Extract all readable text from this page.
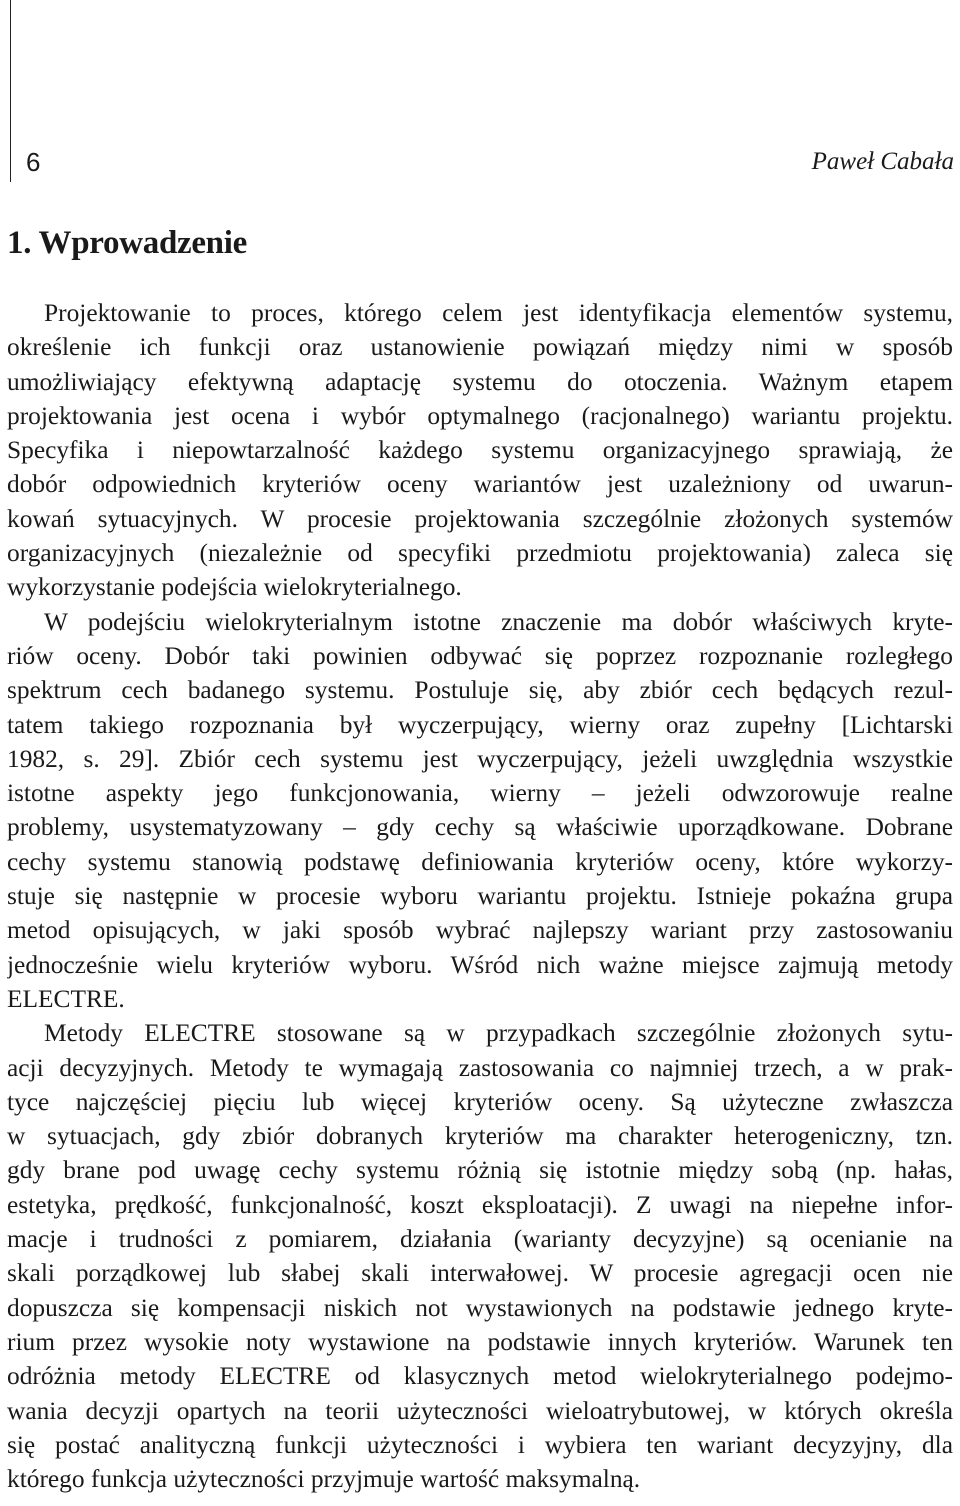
6	Paweł Cabała
1. Wprowadzenie
Projektowanie to proces, którego celem jest identyfikacja elementów systemu,
określenie ich funkcji oraz ustanowienie powiązań między nimi w sposób
umożliwiający efektywną adaptację systemu do otoczenia. Ważnym etapem
projektowania jest ocena i wybór optymalnego (racjonalnego) wariantu projektu.
Specyfika i niepowtarzalność każdego systemu organizacyjnego sprawiają, że
dobór odpowiednich kryteriów oceny wariantów jest uzależniony od uwarun-
kowań sytuacyjnych. W procesie projektowania szczególnie złożonych systemów
organizacyjnych (niezależnie od specyfiki przedmiotu projektowania) zaleca się
wykorzystanie podejścia wielokryterialnego.
W podejściu wielokryterialnym istotne znaczenie ma dobór właściwych kryte-
riów oceny. Dobór taki powinien odbywać się poprzez rozpoznanie rozległego
spektrum cech badanego systemu. Postuluje się, aby zbiór cech będących rezul-
tatem takiego rozpoznania był wyczerpujący, wierny oraz zupełny [Lichtarski
1982, s. 29]. Zbiór cech systemu jest wyczerpujący, jeżeli uwzględnia wszystkie
istotne aspekty jego funkcjonowania, wierny – jeżeli odwzorowuje realne
problemy, usystematyzowany – gdy cechy są właściwie uporządkowane. Dobrane
cechy systemu stanowią podstawę definiowania kryteriów oceny, które wykorzy-
stuje się następnie w procesie wyboru wariantu projektu. Istnieje pokaźna grupa
metod opisujących, w jaki sposób wybrać najlepszy wariant przy zastosowaniu
jednocześnie wielu kryteriów wyboru. Wśród nich ważne miejsce zajmują metody
ELECTRE.
Metody ELECTRE stosowane są w przypadkach szczególnie złożonych sytu-
acji decyzyjnych. Metody te wymagają zastosowania co najmniej trzech, a w prak-
tyce najczęściej pięciu lub więcej kryteriów oceny. Są użyteczne zwłaszcza
w sytuacjach, gdy zbiór dobranych kryteriów ma charakter heterogeniczny, tzn.
gdy brane pod uwagę cechy systemu różnią się istotnie między sobą (np. hałas,
estetyka, prędkość, funkcjonalność, koszt eksploatacji). Z uwagi na niepełne infor-
macje i trudności z pomiarem, działania (warianty decyzyjne) są ocenianie na
skali porządkowej lub słabej skali interwałowej. W procesie agregacji ocen nie
dopuszcza się kompensacji niskich not wystawionych na podstawie jednego kryte-
rium przez wysokie noty wystawione na podstawie innych kryteriów. Warunek ten
odróżnia metody ELECTRE od klasycznych metod wielokryterialnego podejmo-
wania decyzji opartych na teorii użyteczności wieloatrybutowej, w których określa
się postać analityczną funkcji użyteczności i wybiera ten wariant decyzyjny, dla
którego funkcja użyteczności przyjmuje wartość maksymalną.
